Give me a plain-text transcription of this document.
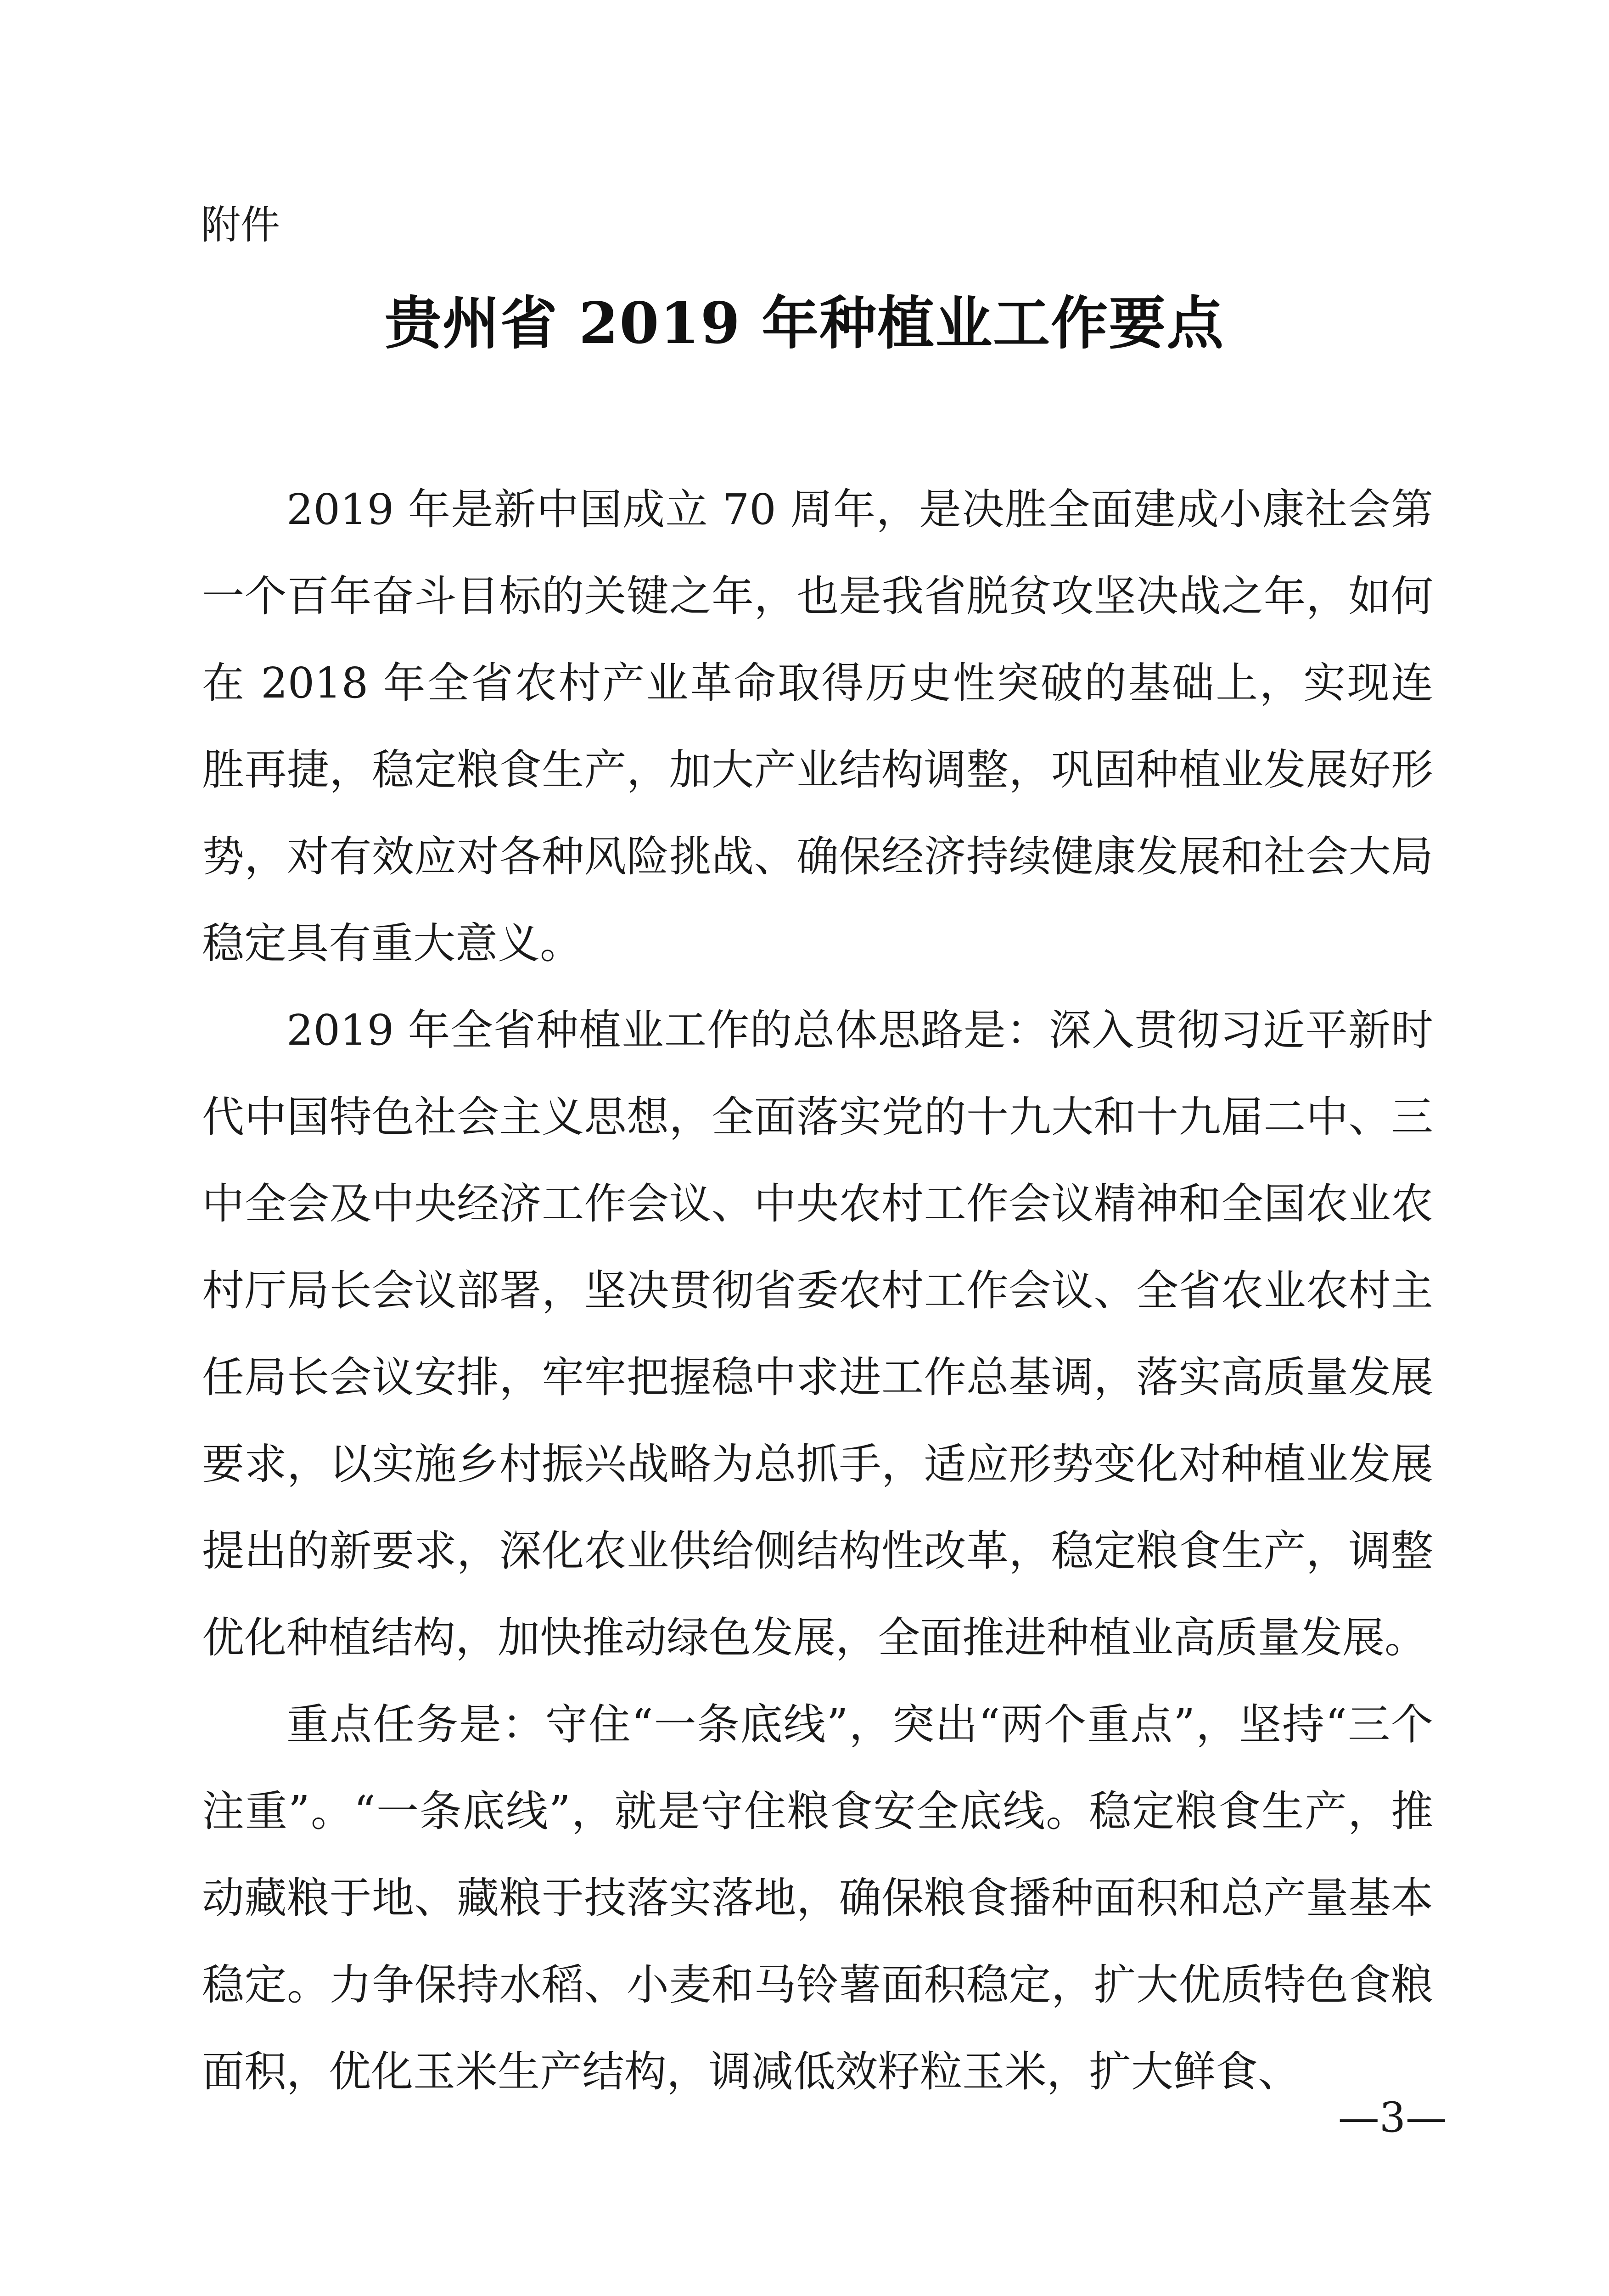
附件

贵州省 2019 年种植业工作要点

2019 年是新中国成立 70 周年，是决胜全面建成小康社会第一个百年奋斗目标的关键之年，也是我省脱贫攻坚决战之年，如何在 2018 年全省农村产业革命取得历史性突破的基础上，实现连胜再捷，稳定粮食生产，加大产业结构调整，巩固种植业发展好形势，对有效应对各种风险挑战、确保经济持续健康发展和社会大局稳定具有重大意义。

2019 年全省种植业工作的总体思路是：深入贯彻习近平新时代中国特色社会主义思想，全面落实党的十九大和十九届二中、三中全会及中央经济工作会议、中央农村工作会议精神和全国农业农村厅局长会议部署，坚决贯彻省委农村工作会议、全省农业农村主任局长会议安排，牢牢把握稳中求进工作总基调，落实高质量发展要求，以实施乡村振兴战略为总抓手，适应形势变化对种植业发展提出的新要求，深化农业供给侧结构性改革，稳定粮食生产，调整优化种植结构，加快推动绿色发展，全面推进种植业高质量发展。

重点任务是：守住“一条底线”，突出“两个重点”，坚持“三个注重”。“一条底线”，就是守住粮食安全底线。稳定粮食生产，推动藏粮于地、藏粮于技落实落地，确保粮食播种面积和总产量基本稳定。力争保持水稻、小麦和马铃薯面积稳定，扩大优质特色食粮面积，优化玉米生产结构，调减低效籽粒玉米，扩大鲜食、

—3—
